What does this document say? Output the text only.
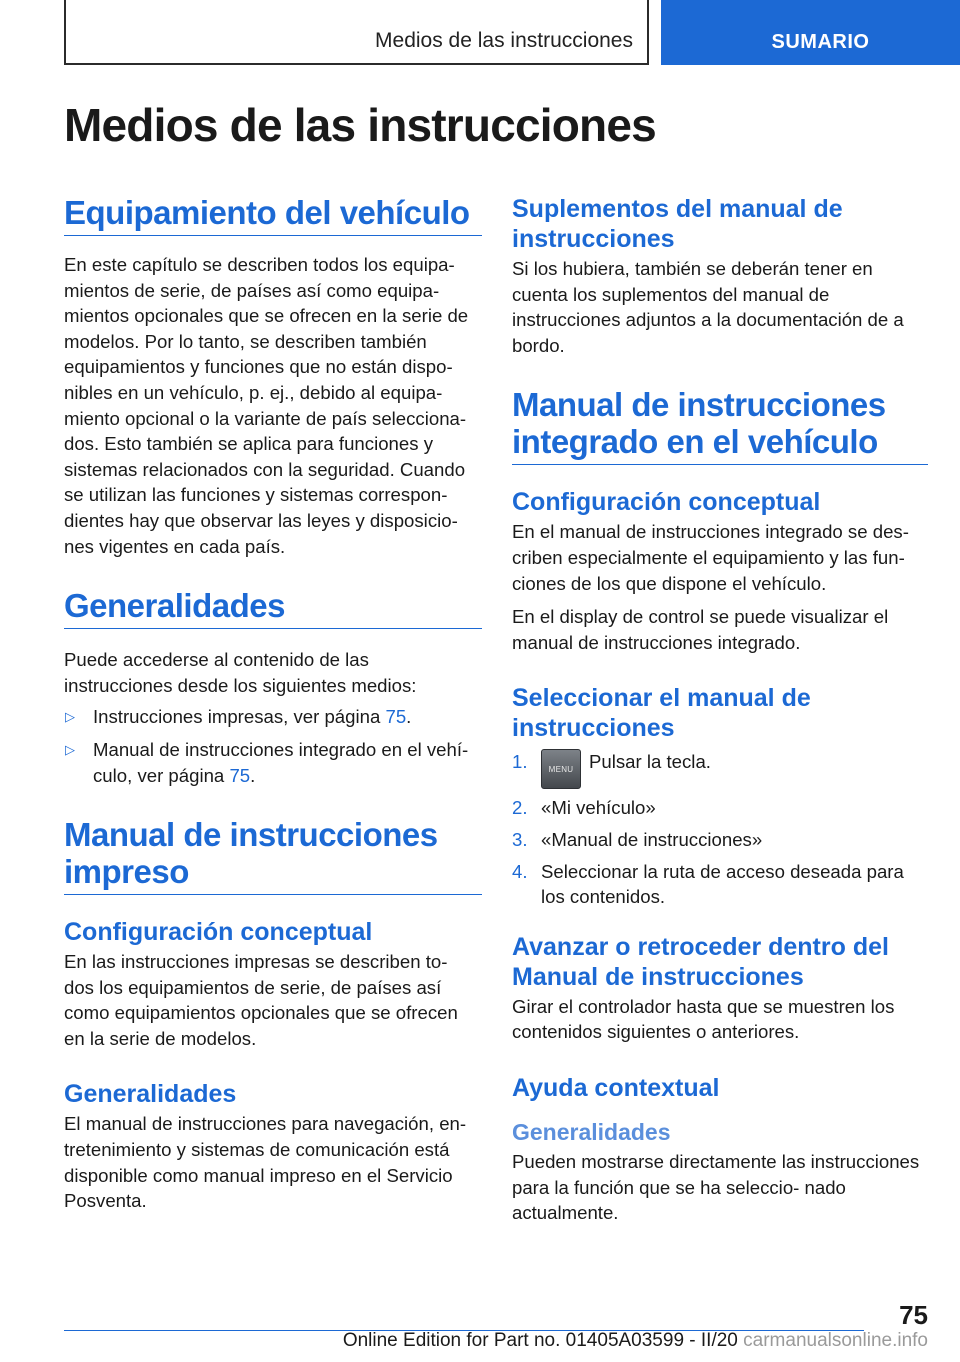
Medios de las instrucciones	SUMARIO
Medios de las instrucciones
Equipamiento del vehículo

En este capítulo se describen todos los equipa- mientos de serie, de países así como equipa- mientos opcionales que se ofrecen en la serie de modelos. Por lo tanto, se describen también equipamientos y funciones que no están dispo- nibles en un vehículo, p. ej., debido al equipa- miento opcional o la variante de país selecciona- dos. Esto también se aplica para funciones y sistemas relacionados con la seguridad. Cuando se utilizan las funciones y sistemas correspon- dientes hay que observar las leyes y disposicio- nes vigentes en cada país.

Generalidades

Puede accederse al contenido de las instrucciones desde los siguientes medios:

▷ Instrucciones impresas, ver página 75.
▷ Manual de instrucciones integrado en el vehí- culo, ver página 75.
Manual de instrucciones impreso
Configuración conceptual

En las instrucciones impresas se describen to- dos los equipamientos de serie, de países así como equipamientos opcionales que se ofrecen en la serie de modelos.

Generalidades

El manual de instrucciones para navegación, en- tretenimiento y sistemas de comunicación está disponible como manual impreso en el Servicio Posventa.

Suplementos del manual de instrucciones

Si los hubiera, también se deberán tener en cuenta los suplementos del manual de instrucciones adjuntos a la documentación de a bordo.

Manual de instrucciones integrado en el vehículo
Configuración conceptual

En el manual de instrucciones integrado se des- criben especialmente el equipamiento y las fun- ciones de los que dispone el vehículo.

En el display de control se puede visualizar el manual de instrucciones integrado.

Seleccionar el manual de instrucciones
1.	MENU Pulsar la tecla.
2. «Mi vehículo»
3. «Manual de instrucciones»
4. Seleccionar la ruta de acceso deseada para los contenidos.
Avanzar o retroceder dentro del Manual de instrucciones

Girar el controlador hasta que se muestren los contenidos siguientes o anteriores.

Ayuda contextual
Generalidades

Pueden mostrarse directamente las instrucciones para la función que se ha seleccio- nado actualmente.

75
Online Edition for Part no. 01405A03599 - II/20 carmanualsonline.info
